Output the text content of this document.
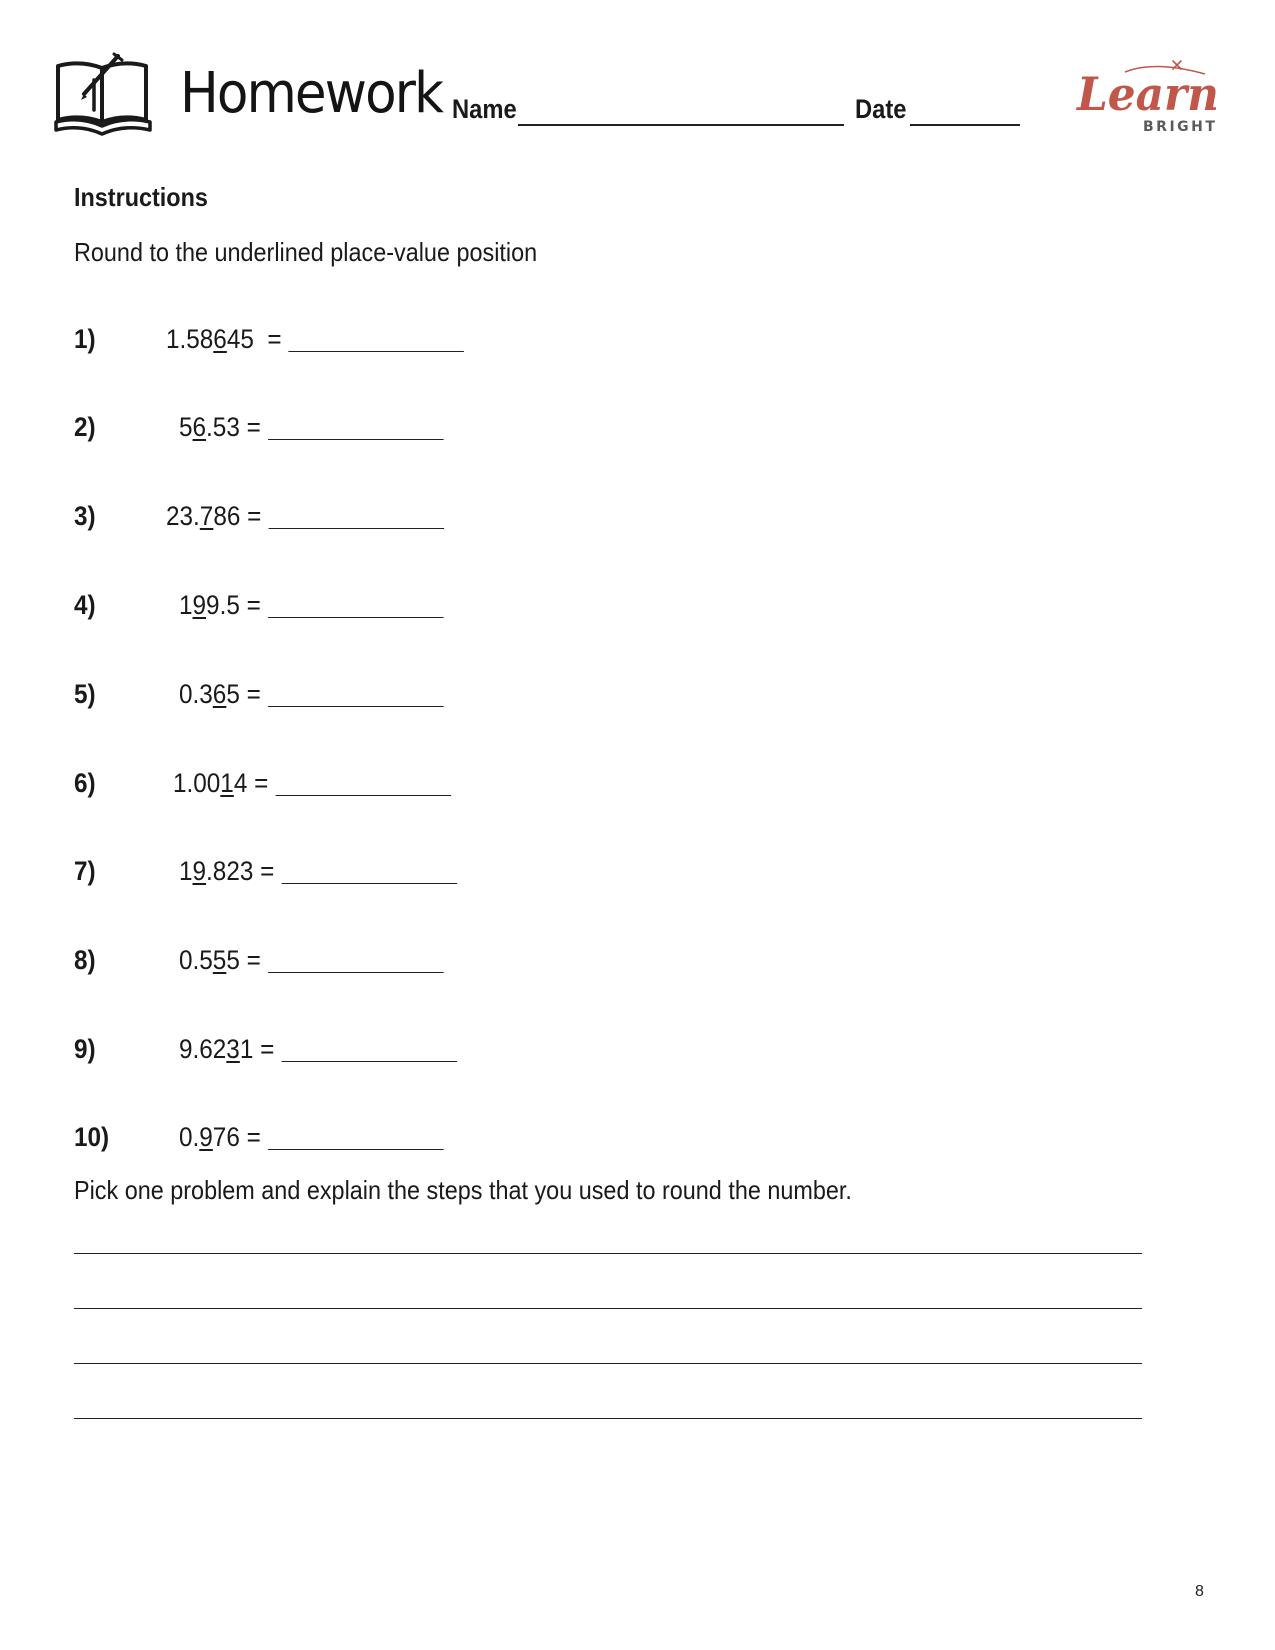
Homework Name	Date	Learn
BRIGHT
Instructions
Round to the underlined place-value position
1)	1.58645  =
2)	56.53 =
3)	23.786 =
4)	199.5 =
5)	0.365 =
6)	1.0014 =
7)	19.823 =
8)	0.555 =
9)	9.6231 =
10)	0.976 =
Pick one problem and explain the steps that you used to round the number.
8
